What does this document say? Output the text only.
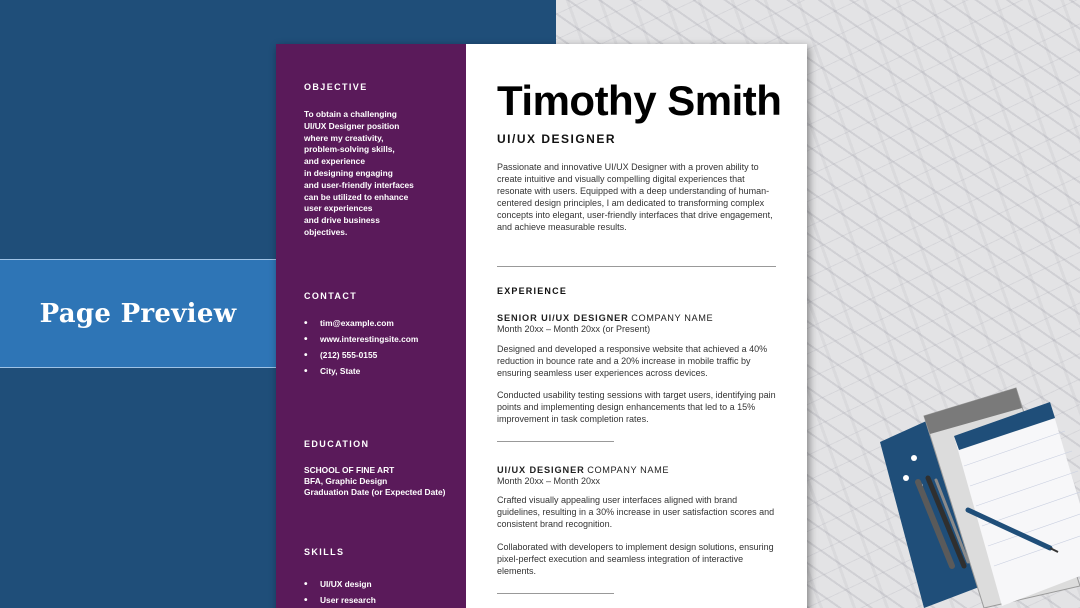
Page Preview
OBJECTIVE
To obtain a challenging
UI/UX Designer position
where my creativity,
problem-solving skills,
and experience
in designing engaging
and user-friendly interfaces
can be utilized to enhance
user experiences
and drive business
objectives.
CONTACT
• tim@example.com
• www.interestingsite.com
• (212) 555-0155
• City, State
EDUCATION
SCHOOL OF FINE ART
BFA, Graphic Design
Graduation Date (or Expected Date)
SKILLS
• UI/UX design
• User research
Timothy Smith
UI/UX DESIGNER
Passionate and innovative UI/UX Designer with a proven ability to create intuitive and visually compelling digital experiences that resonate with users. Equipped with a deep understanding of human-centered design principles, I am dedicated to transforming complex concepts into elegant, user-friendly interfaces that drive engagement, and achieve measurable results.
EXPERIENCE
SENIOR UI/UX DESIGNER COMPANY NAME
Month 20xx – Month 20xx (or Present)
Designed and developed a responsive website that achieved a 40% reduction in bounce rate and a 20% increase in mobile traffic by ensuring seamless user experiences across devices.
Conducted usability testing sessions with target users, identifying pain points and implementing design enhancements that led to a 15% improvement in task completion rates.
UI/UX DESIGNER COMPANY NAME
Month 20xx – Month 20xx
Crafted visually appealing user interfaces aligned with brand guidelines, resulting in a 30% increase in user satisfaction scores and consistent brand recognition.
Collaborated with developers to implement design solutions, ensuring pixel-perfect execution and seamless integration of interactive elements.
